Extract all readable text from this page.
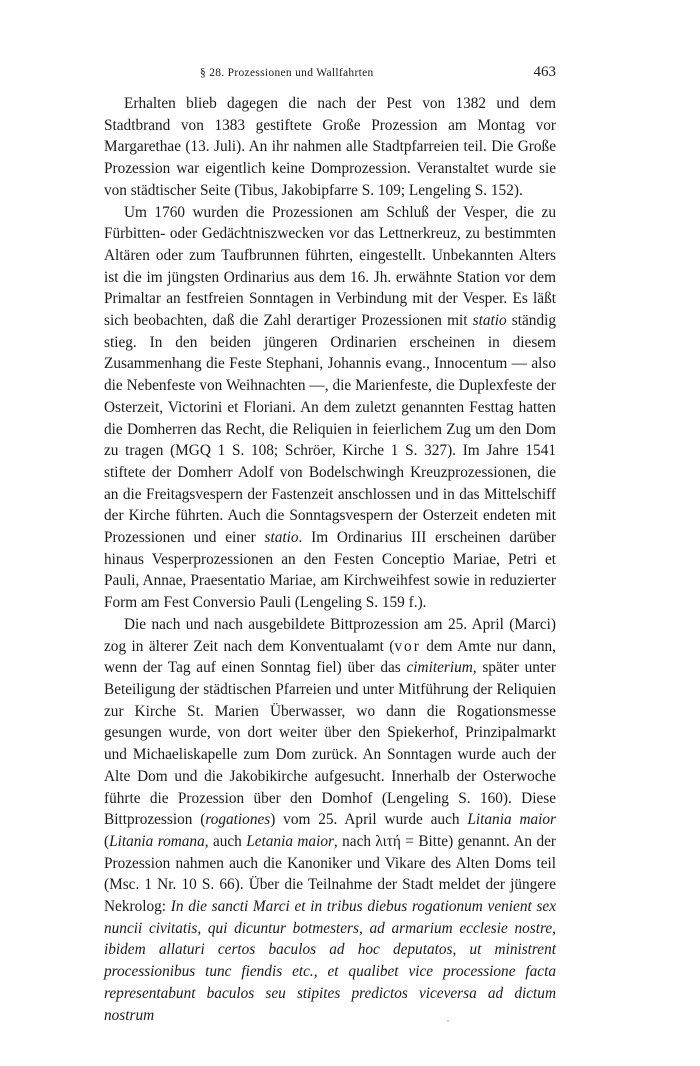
§ 28. Prozessionen und Wallfahrten	463

Erhalten blieb dagegen die nach der Pest von 1382 und dem Stadtbrand von 1383 gestiftete Große Prozession am Montag vor Margarethae (13. Juli). An ihr nahmen alle Stadtpfarreien teil. Die Große Prozession war eigentlich keine Domprozession. Veranstaltet wurde sie von städtischer Seite (Tibus, Jakobipfarre S. 109; Lengeling S. 152).

Um 1760 wurden die Prozessionen am Schluß der Vesper, die zu Fürbitten- oder Gedächtniszwecken vor das Lettnerkreuz, zu bestimmten Altären oder zum Taufbrunnen führten, eingestellt. Unbekannten Alters ist die im jüngsten Ordinarius aus dem 16. Jh. erwähnte Station vor dem Primaltar an festfreien Sonntagen in Verbindung mit der Vesper. Es läßt sich beobachten, daß die Zahl derartiger Prozessionen mit statio ständig stieg. In den beiden jüngeren Ordinarien erscheinen in diesem Zusammenhang die Feste Stephani, Johannis evang., Innocentum — also die Nebenfeste von Weihnachten —, die Marienfeste, die Duplexfeste der Osterzeit, Victorini et Floriani. An dem zuletzt genannten Festtag hatten die Domherren das Recht, die Reliquien in feierlichem Zug um den Dom zu tragen (MGQ 1 S. 108; Schröer, Kirche 1 S. 327). Im Jahre 1541 stiftete der Domherr Adolf von Bodelschwingh Kreuzprozessionen, die an die Freitagsvespern der Fastenzeit anschlossen und in das Mittelschiff der Kirche führten. Auch die Sonntagsvespern der Osterzeit endeten mit Prozessionen und einer statio. Im Ordinarius III erscheinen darüber hinaus Vesperprozessionen an den Festen Conceptio Mariae, Petri et Pauli, Annae, Praesentatio Mariae, am Kirchweihfest sowie in reduzierter Form am Fest Conversio Pauli (Lengeling S. 159 f.).

Die nach und nach ausgebildete Bittprozession am 25. April (Marci) zog in älterer Zeit nach dem Konventualamt (vor dem Amte nur dann, wenn der Tag auf einen Sonntag fiel) über das cimiterium, später unter Beteiligung der städtischen Pfarreien und unter Mitführung der Reliquien zur Kirche St. Marien Überwasser, wo dann die Rogationsmesse gesungen wurde, von dort weiter über den Spiekerhof, Prinzipalmarkt und Michaeliskapelle zum Dom zurück. An Sonntagen wurde auch der Alte Dom und die Jakobikirche aufgesucht. Innerhalb der Osterwoche führte die Prozession über den Domhof (Lengeling S. 160). Diese Bittprozession (rogationes) vom 25. April wurde auch Litania maior (Litania romana, auch Letania maior, nach λιτή = Bitte) genannt. An der Prozession nahmen auch die Kanoniker und Vikare des Alten Doms teil (Msc. 1 Nr. 10 S. 66). Über die Teilnahme der Stadt meldet der jüngere Nekrolog: In die sancti Marci et in tribus diebus rogationum venient sex nuncii civitatis, qui dicuntur botmesters, ad armarium ecclesie nostre, ibidem allaturi certos baculos ad hoc deputatos, ut ministrent processionibus tunc fiendis etc., et qualibet vice processione facta representabunt baculos seu stipites predictos viceversa ad dictum nostrum
